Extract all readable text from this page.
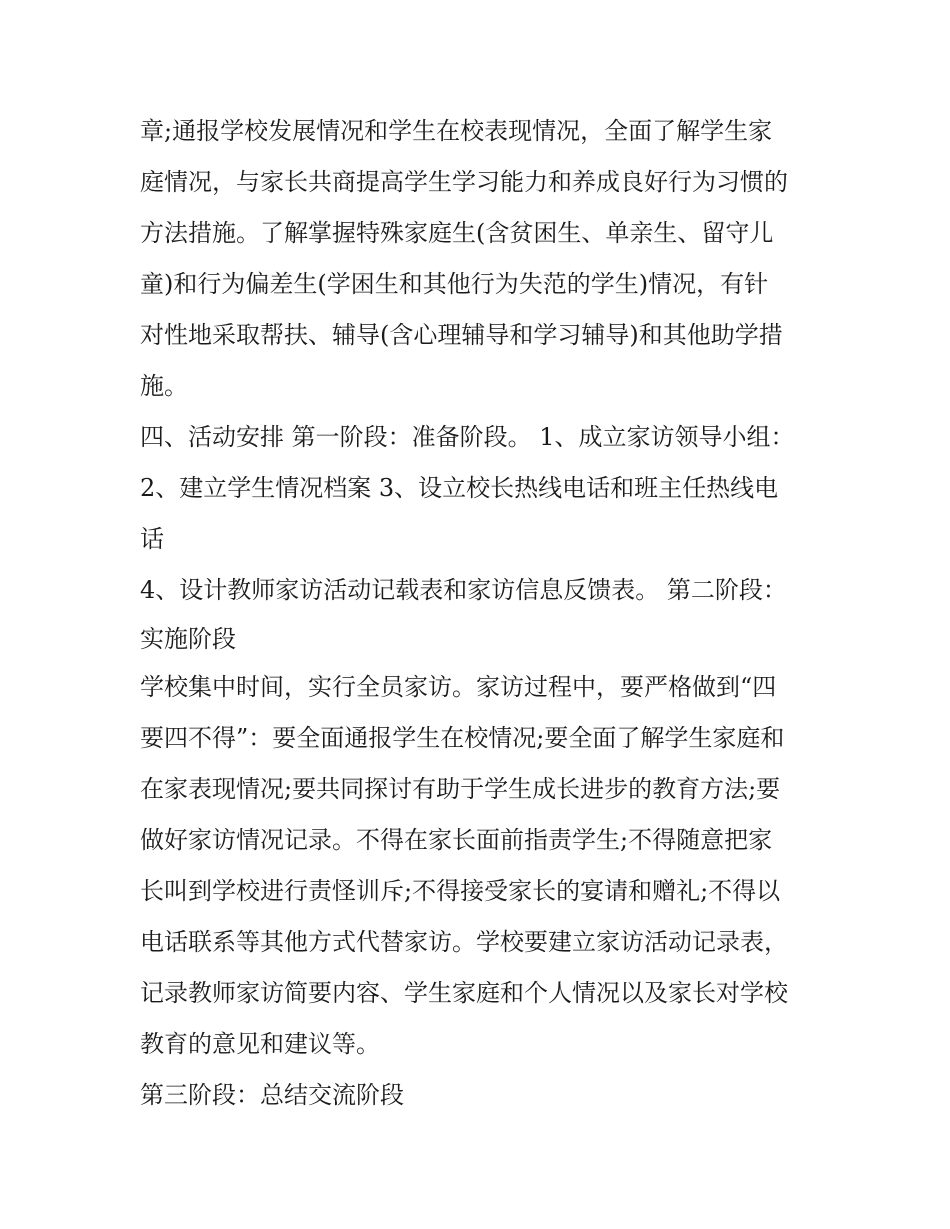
章;通报学校发展情况和学生在校表现情况，全面了解学生家
庭情况，与家长共商提高学生学习能力和养成良好行为习惯的
方法措施。了解掌握特殊家庭生(含贫困生、单亲生、留守儿
童)和行为偏差生(学困生和其他行为失范的学生)情况，有针
对性地采取帮扶、辅导(含心理辅导和学习辅导)和其他助学措
施。
四、活动安排 第一阶段：准备阶段。 1、成立家访领导小组：
2、建立学生情况档案 3、设立校长热线电话和班主任热线电
话
4、设计教师家访活动记载表和家访信息反馈表。 第二阶段：
实施阶段
学校集中时间，实行全员家访。家访过程中，要严格做到“四
要四不得”：要全面通报学生在校情况;要全面了解学生家庭和
在家表现情况;要共同探讨有助于学生成长进步的教育方法;要
做好家访情况记录。不得在家长面前指责学生;不得随意把家
长叫到学校进行责怪训斥;不得接受家长的宴请和赠礼;不得以
电话联系等其他方式代替家访。学校要建立家访活动记录表，
记录教师家访简要内容、学生家庭和个人情况以及家长对学校
教育的意见和建议等。
第三阶段：总结交流阶段
